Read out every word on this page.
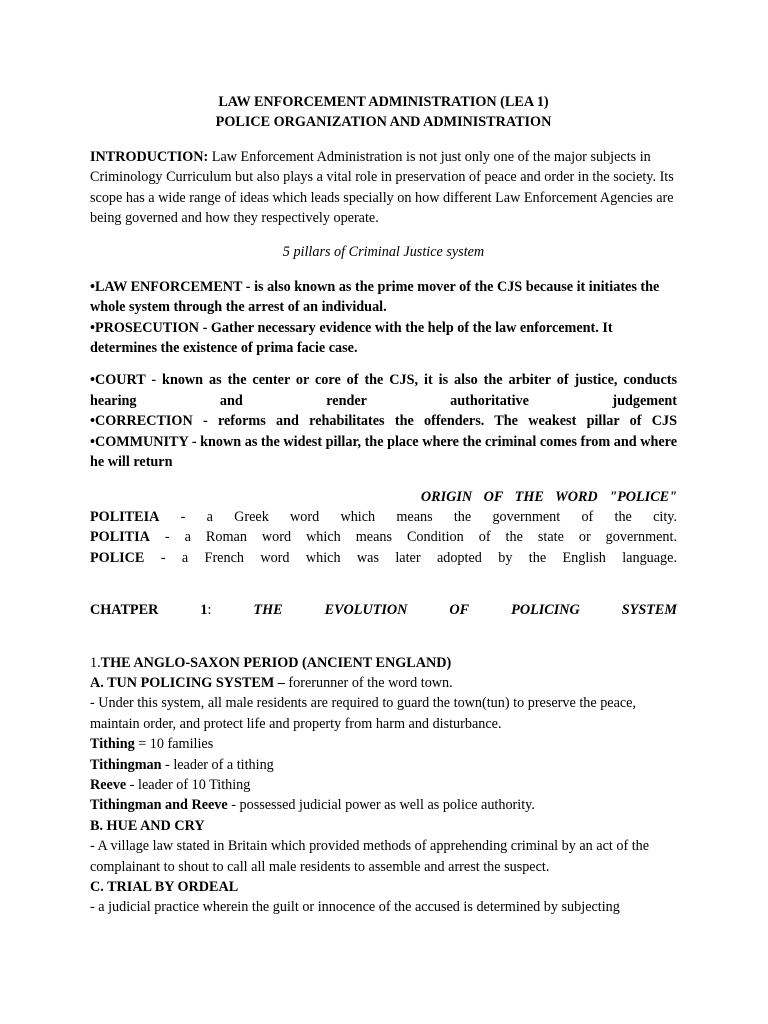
LAW ENFORCEMENT ADMINISTRATION (LEA 1)

POLICE ORGANIZATION AND ADMINISTRATION

INTRODUCTION: Law Enforcement Administration is not just only one of the major subjects in Criminology Curriculum but also plays a vital role in preservation of peace and order in the society. Its scope has a wide range of ideas which leads specially on how different Law Enforcement Agencies are being governed and how they respectively operate.

5 pillars of Criminal Justice system

•LAW ENFORCEMENT - is also known as the prime mover of the CJS because it initiates the whole system through the arrest of an individual.

•PROSECUTION - Gather necessary evidence with the help of the law enforcement. It determines the existence of prima facie case.

•COURT - known as the center or core of the CJS, it is also the arbiter of justice, conducts hearing and render authoritative judgement

•CORRECTION - reforms and rehabilitates the offenders. The weakest pillar of CJS

•COMMUNITY - known as the widest pillar, the place where the criminal comes from and where he will return

ORIGIN OF THE WORD "POLICE"

POLITEIA - a Greek word which means the government of the city.

POLITIA - a Roman word which means Condition of the state or government.

POLICE - a French word which was later adopted by the English language.

CHATPER	1:	THE	EVOLUTION	OF	POLICING	SYSTEM

1.THE ANGLO-SAXON PERIOD (ANCIENT ENGLAND)

A. TUN POLICING SYSTEM – forerunner of the word town.

- Under this system, all male residents are required to guard the town(tun) to preserve the peace, maintain order, and protect life and property from harm and disturbance.

Tithing = 10 families

Tithingman - leader of a tithing

Reeve - leader of 10 Tithing

Tithingman and Reeve - possessed judicial power as well as police authority.

B. HUE AND CRY

- A village law stated in Britain which provided methods of apprehending criminal by an act of the complainant to shout to call all male residents to assemble and arrest the suspect.

C. TRIAL BY ORDEAL

- a judicial practice wherein the guilt or innocence of the accused is determined by subjecting
